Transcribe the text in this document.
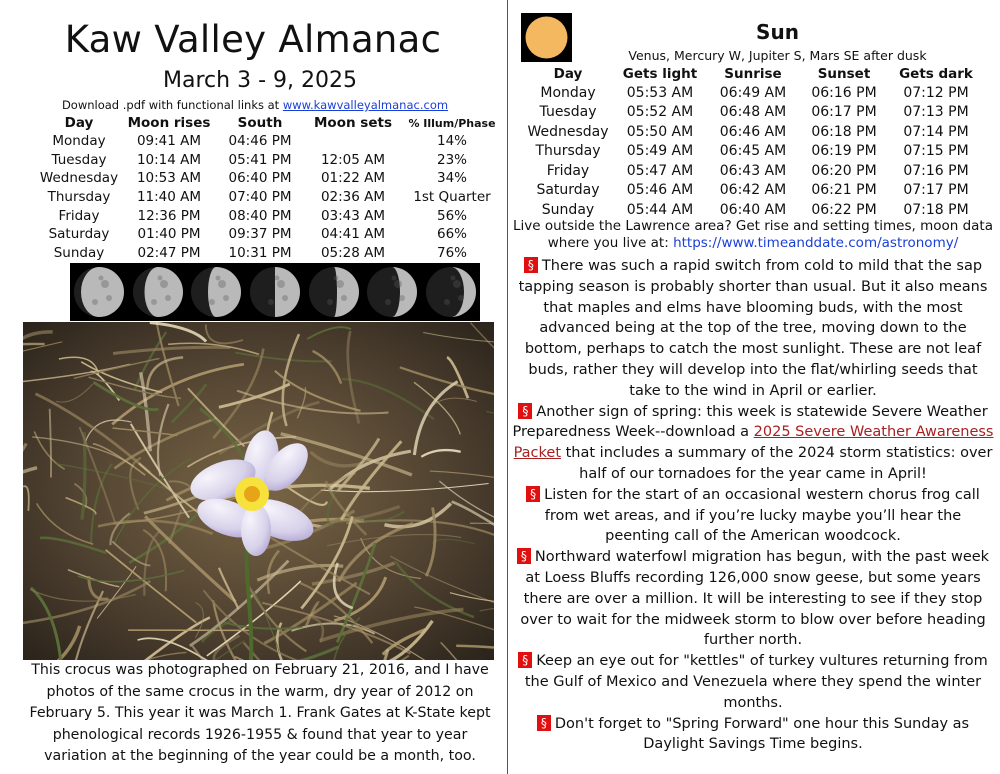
Kaw Valley Almanac
March 3 - 9, 2025
Download .pdf with functional links at www.kawvalleyalmanac.com
Day	Moon rises	South	Moon sets	% Illum/Phase
Monday	09:41 AM	04:46 PM		14%
Tuesday	10:14 AM	05:41 PM	12:05 AM	23%
Wednesday	10:53 AM	06:40 PM	01:22 AM	34%
Thursday	11:40 AM	07:40 PM	02:36 AM	1st Quarter
Friday	12:36 PM	08:40 PM	03:43 AM	56%
Saturday	01:40 PM	09:37 PM	04:41 AM	66%
Sunday	02:47 PM	10:31 PM	05:28 AM	76%
This crocus was photographed on February 21, 2016, and I have photos of the same crocus in the warm, dry year of 2012 on February 5. This year it was March 1. Frank Gates at K-State kept phenological records 1926-1955 & found that year to year variation at the beginning of the year could be a month, too.
Sun
Venus, Mercury W, Jupiter S, Mars SE after dusk
Day	Gets light	Sunrise	Sunset	Gets dark
Monday	05:53 AM	06:49 AM	06:16 PM	07:12 PM
Tuesday	05:52 AM	06:48 AM	06:17 PM	07:13 PM
Wednesday	05:50 AM	06:46 AM	06:18 PM	07:14 PM
Thursday	05:49 AM	06:45 AM	06:19 PM	07:15 PM
Friday	05:47 AM	06:43 AM	06:20 PM	07:16 PM
Saturday	05:46 AM	06:42 AM	06:21 PM	07:17 PM
Sunday	05:44 AM	06:40 AM	06:22 PM	07:18 PM
Live outside the Lawrence area? Get rise and setting times, moon data where you live at: https://www.timeanddate.com/astronomy/

§ There was such a rapid switch from cold to mild that the sap tapping season is probably shorter than usual. But it also means that maples and elms have blooming buds, with the most advanced being at the top of the tree, moving down to the bottom, perhaps to catch the most sunlight. These are not leaf buds, rather they will develop into the flat/whirling seeds that take to the wind in April or earlier.

§ Another sign of spring: this week is statewide Severe Weather Preparedness Week--download a 2025 Severe Weather Awareness Packet that includes a summary of the 2024 storm statistics: over half of our tornadoes for the year came in April!

§ Listen for the start of an occasional western chorus frog call from wet areas, and if you’re lucky maybe you’ll hear the peenting call of the American woodcock.

§ Northward waterfowl migration has begun, with the past week at Loess Bluffs recording 126,000 snow geese, but some years there are over a million. It will be interesting to see if they stop over to wait for the midweek storm to blow over before heading further north.

§ Keep an eye out for "kettles" of turkey vultures returning from the Gulf of Mexico and Venezuela where they spend the winter months.

§ Don't forget to "Spring Forward" one hour this Sunday as Daylight Savings Time begins.
